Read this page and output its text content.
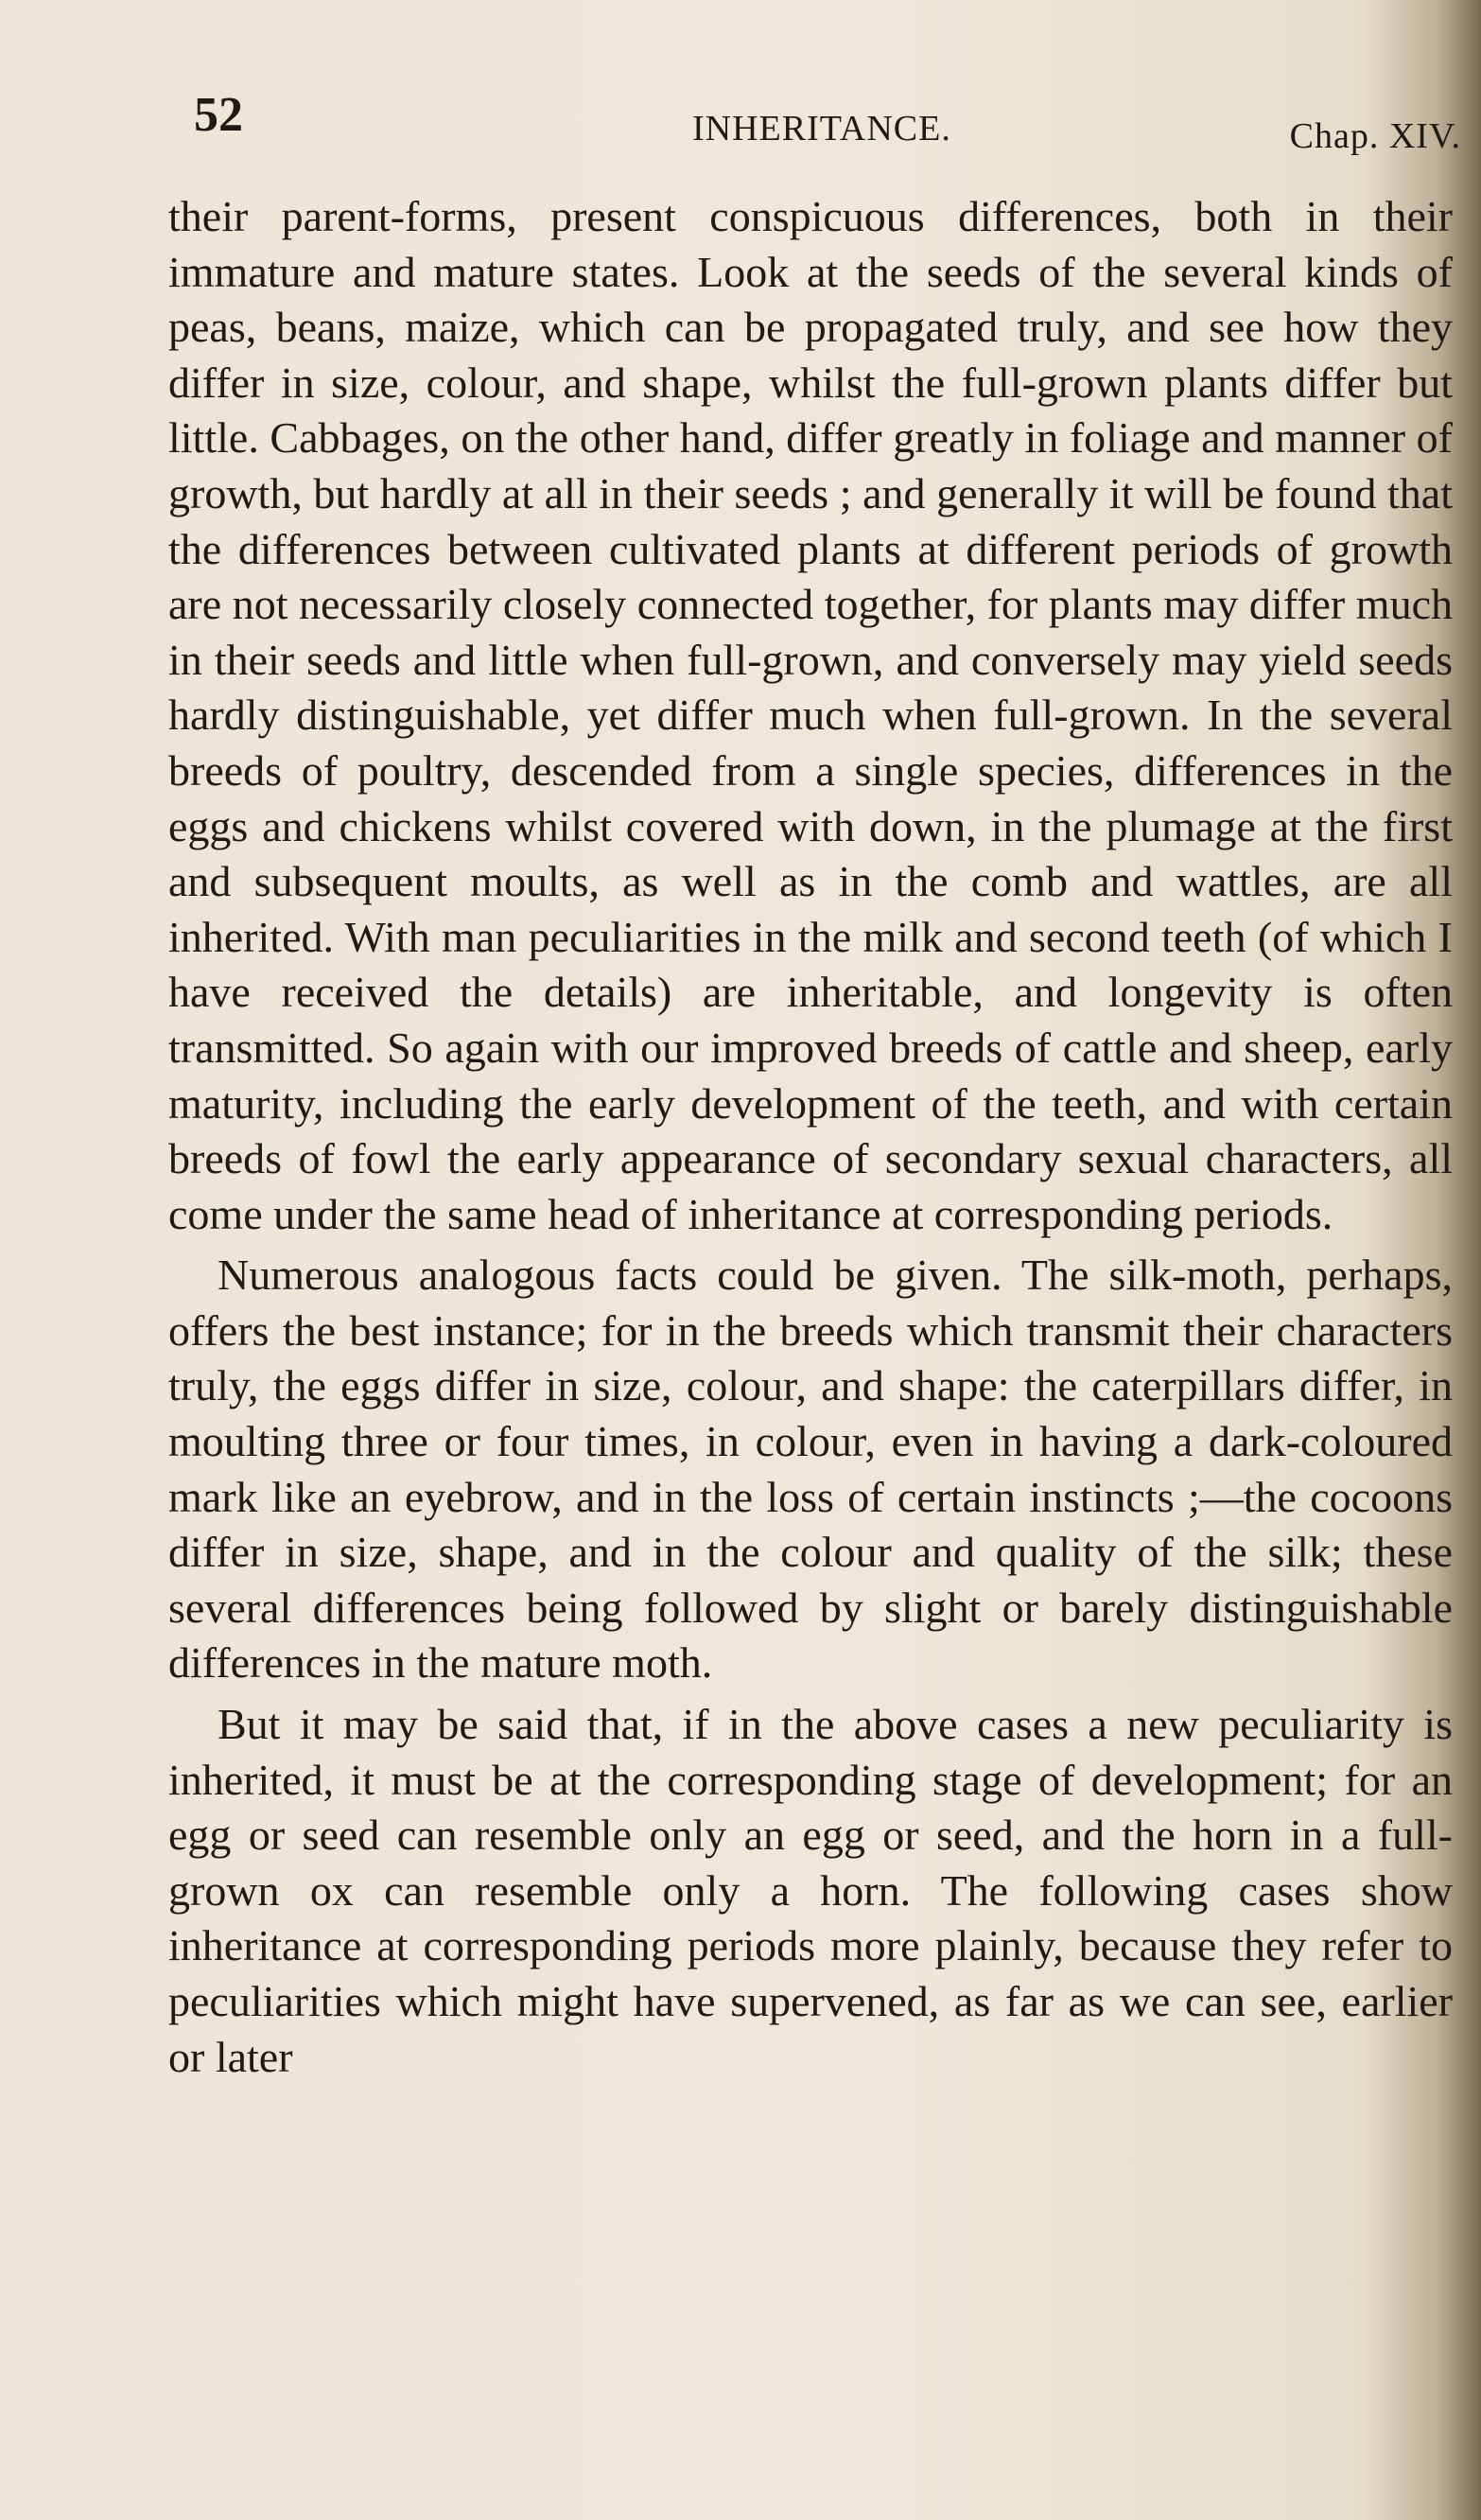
52	INHERITANCE.	Chap. XIV.

their parent-forms, present conspicuous differences, both in their immature and mature states. Look at the seeds of the several kinds of peas, beans, maize, which can be propagated truly, and see how they differ in size, colour, and shape, whilst the full-grown plants differ but little. Cabbages, on the other hand, differ greatly in foliage and manner of growth, but hardly at all in their seeds ; and generally it will be found that the differences between cultivated plants at different periods of growth are not necessarily closely connected together, for plants may differ much in their seeds and little when full-grown, and conversely may yield seeds hardly distinguishable, yet differ much when full-grown. In the several breeds of poultry, descended from a single species, differences in the eggs and chickens whilst covered with down, in the plumage at the first and subsequent moults, as well as in the comb and wattles, are all inherited. With man peculiarities in the milk and second teeth (of which I have received the details) are inheritable, and longevity is often transmitted. So again with our improved breeds of cattle and sheep, early maturity, including the early development of the teeth, and with certain breeds of fowl the early appearance of secondary sexual characters, all come under the same head of inheritance at corresponding periods.

Numerous analogous facts could be given. The silk-moth, perhaps, offers the best instance; for in the breeds which transmit their characters truly, the eggs differ in size, colour, and shape: the caterpillars differ, in moulting three or four times, in colour, even in having a dark-coloured mark like an eyebrow, and in the loss of certain instincts ;—the cocoons differ in size, shape, and in the colour and quality of the silk; these several differences being followed by slight or barely distinguishable differences in the mature moth.

But it may be said that, if in the above cases a new peculiarity is inherited, it must be at the corresponding stage of development; for an egg or seed can resemble only an egg or seed, and the horn in a full-grown ox can resemble only a horn. The following cases show inheritance at corresponding periods more plainly, because they refer to peculiarities which might have supervened, as far as we can see, earlier or later
